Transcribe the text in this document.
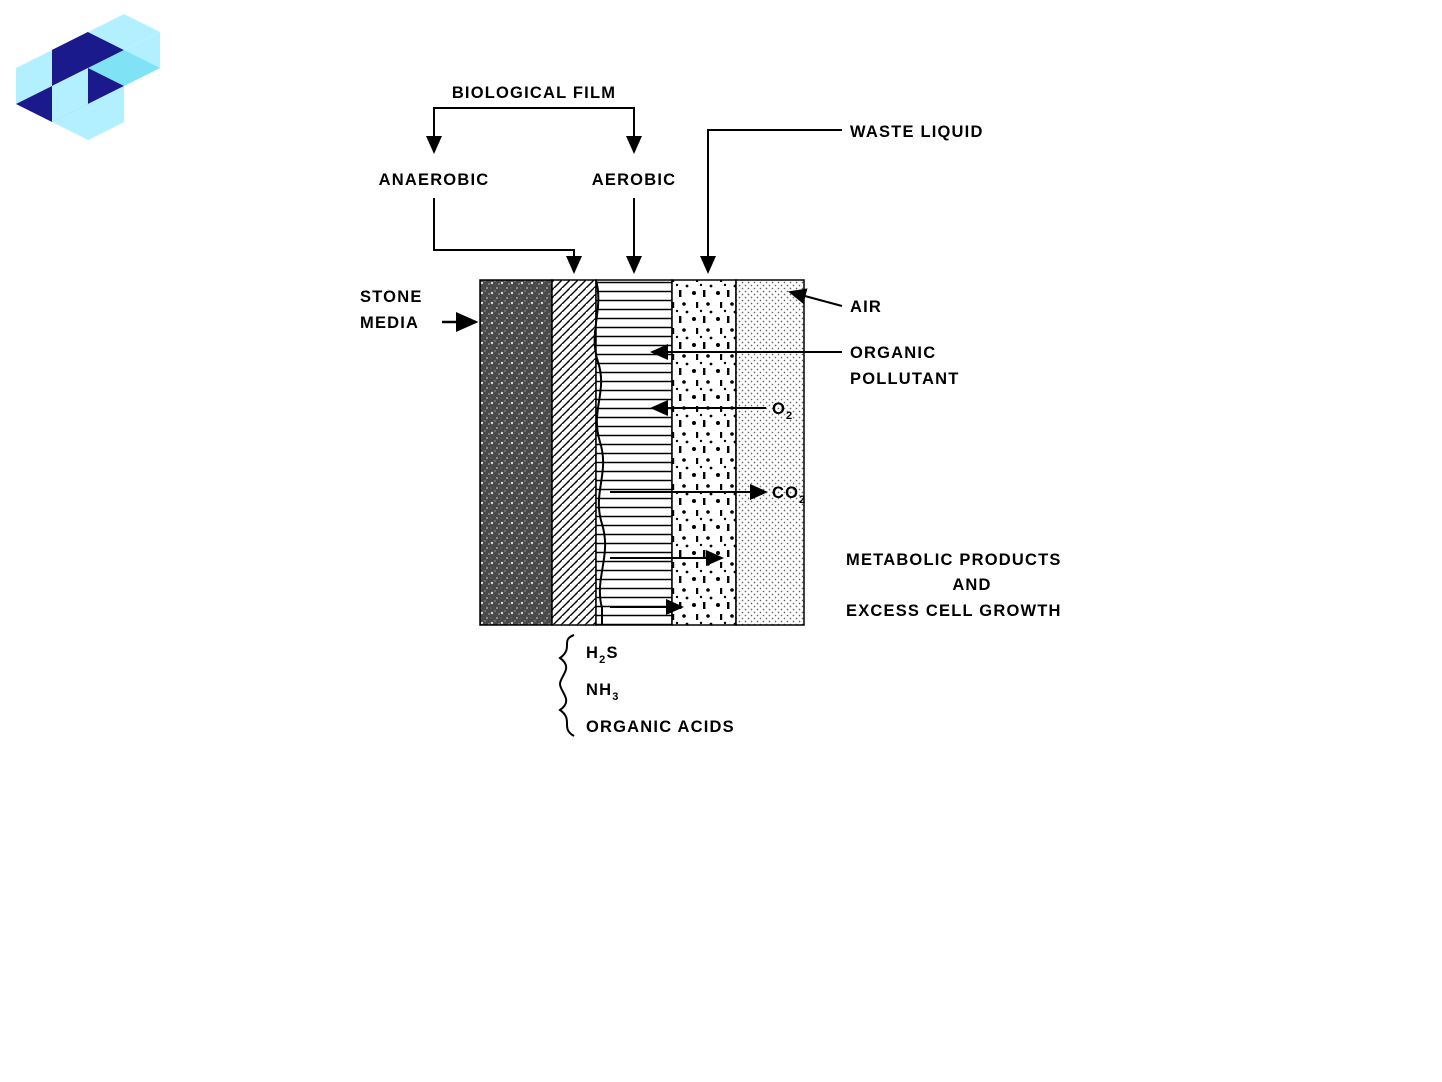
BIOLOGICAL FILM
ANAEROBIC	AEROBIC
WASTE LIQUID
STONE
MEDIA
AIR
ORGANIC
POLLUTANT
$O_2$
$CO_2$
METABOLIC PRODUCTS
AND
EXCESS CELL GROWTH
$H_2S$
$NH_3$
ORGANIC ACIDS
